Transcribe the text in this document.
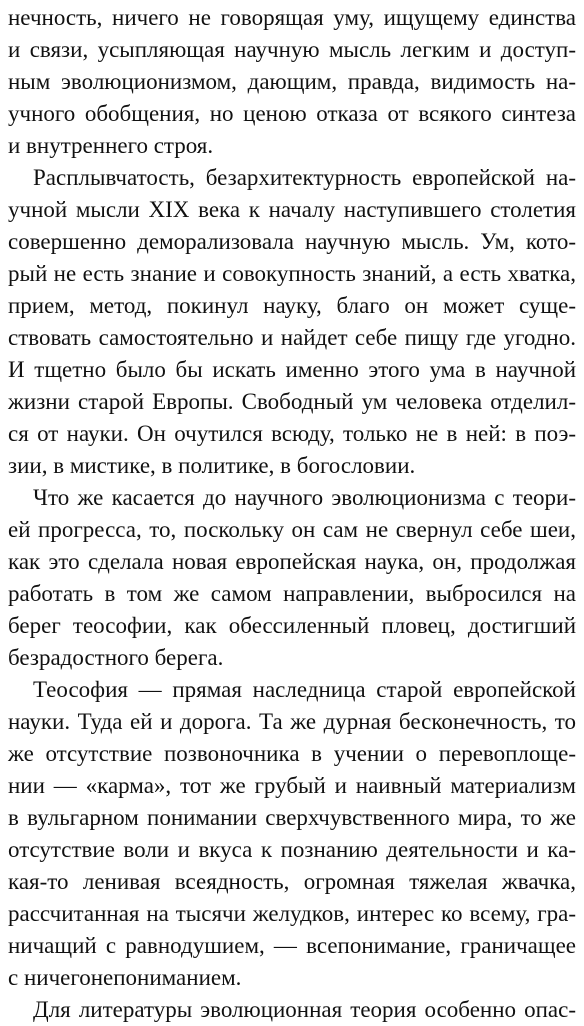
нечность, ничего не говорящая уму, ищущему единства
и связи, усыпляющая научную мысль легким и доступ-
ным эволюционизмом, дающим, правда, видимость на-
учного обобщения, но ценою отказа от всякого синтеза
и внутреннего строя.
Расплывчатость, безархитектурность европейской на-
учной мысли XIX века к началу наступившего столетия
совершенно деморализовала научную мысль. Ум, кото-
рый не есть знание и совокупность знаний, а есть хватка,
прием, метод, покинул науку, благо он может суще-
ствовать самостоятельно и найдет себе пищу где угодно.
И тщетно было бы искать именно этого ума в научной
жизни старой Европы. Свободный ум человека отделил-
ся от науки. Он очутился всюду, только не в ней: в поэ-
зии, в мистике, в политике, в богословии.
Что же касается до научного эволюционизма с теори-
ей прогресса, то, поскольку он сам не свернул себе шеи,
как это сделала новая европейская наука, он, продолжая
работать в том же самом направлении, выбросился на
берег теософии, как обессиленный пловец, достигший
безрадостного берега.
Теософия — прямая наследница старой европейской
науки. Туда ей и дорога. Та же дурная бесконечность, то
же отсутствие позвоночника в учении о перевоплоще-
нии — «карма», тот же грубый и наивный материализм
в вульгарном понимании сверхчувственного мира, то же
отсутствие воли и вкуса к познанию деятельности и ка-
кая-то ленивая всеядность, огромная тяжелая жвачка,
рассчитанная на тысячи желудков, интерес ко всему, гра-
ничащий с равнодушием, — всепонимание, граничащее
с ничегонепониманием.
Для литературы эволюционная теория особенно опас-
